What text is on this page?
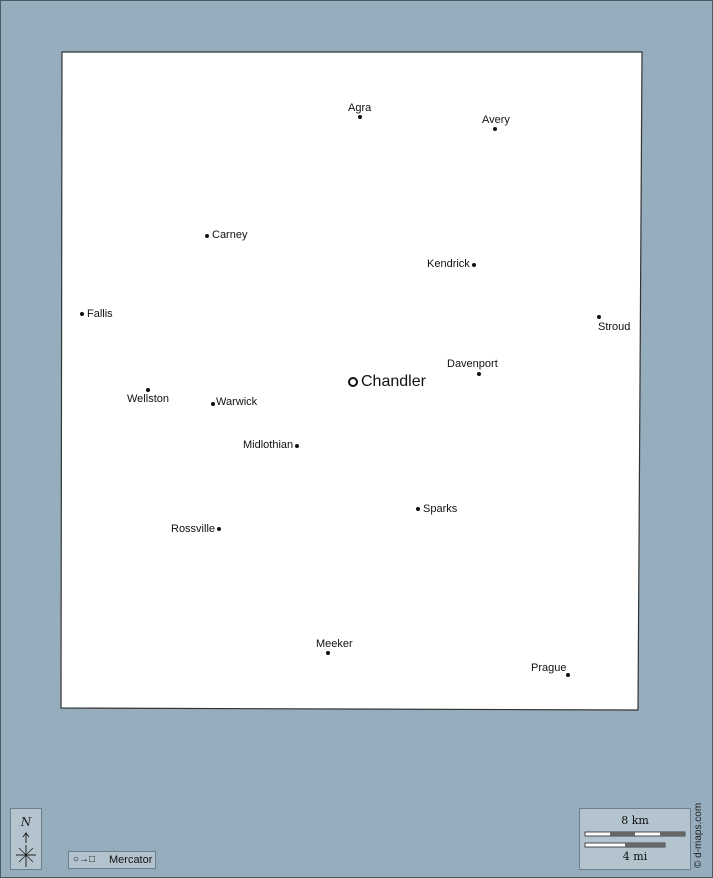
Agra
Avery
Carney
Kendrick
Fallis
Stroud
Davenport
Wellston	Warwick
Midlothian
Sparks
Rossville
Meeker
Prague
Chandler
N
○→□ Mercator
8 km
4 mi	© d-maps.com
